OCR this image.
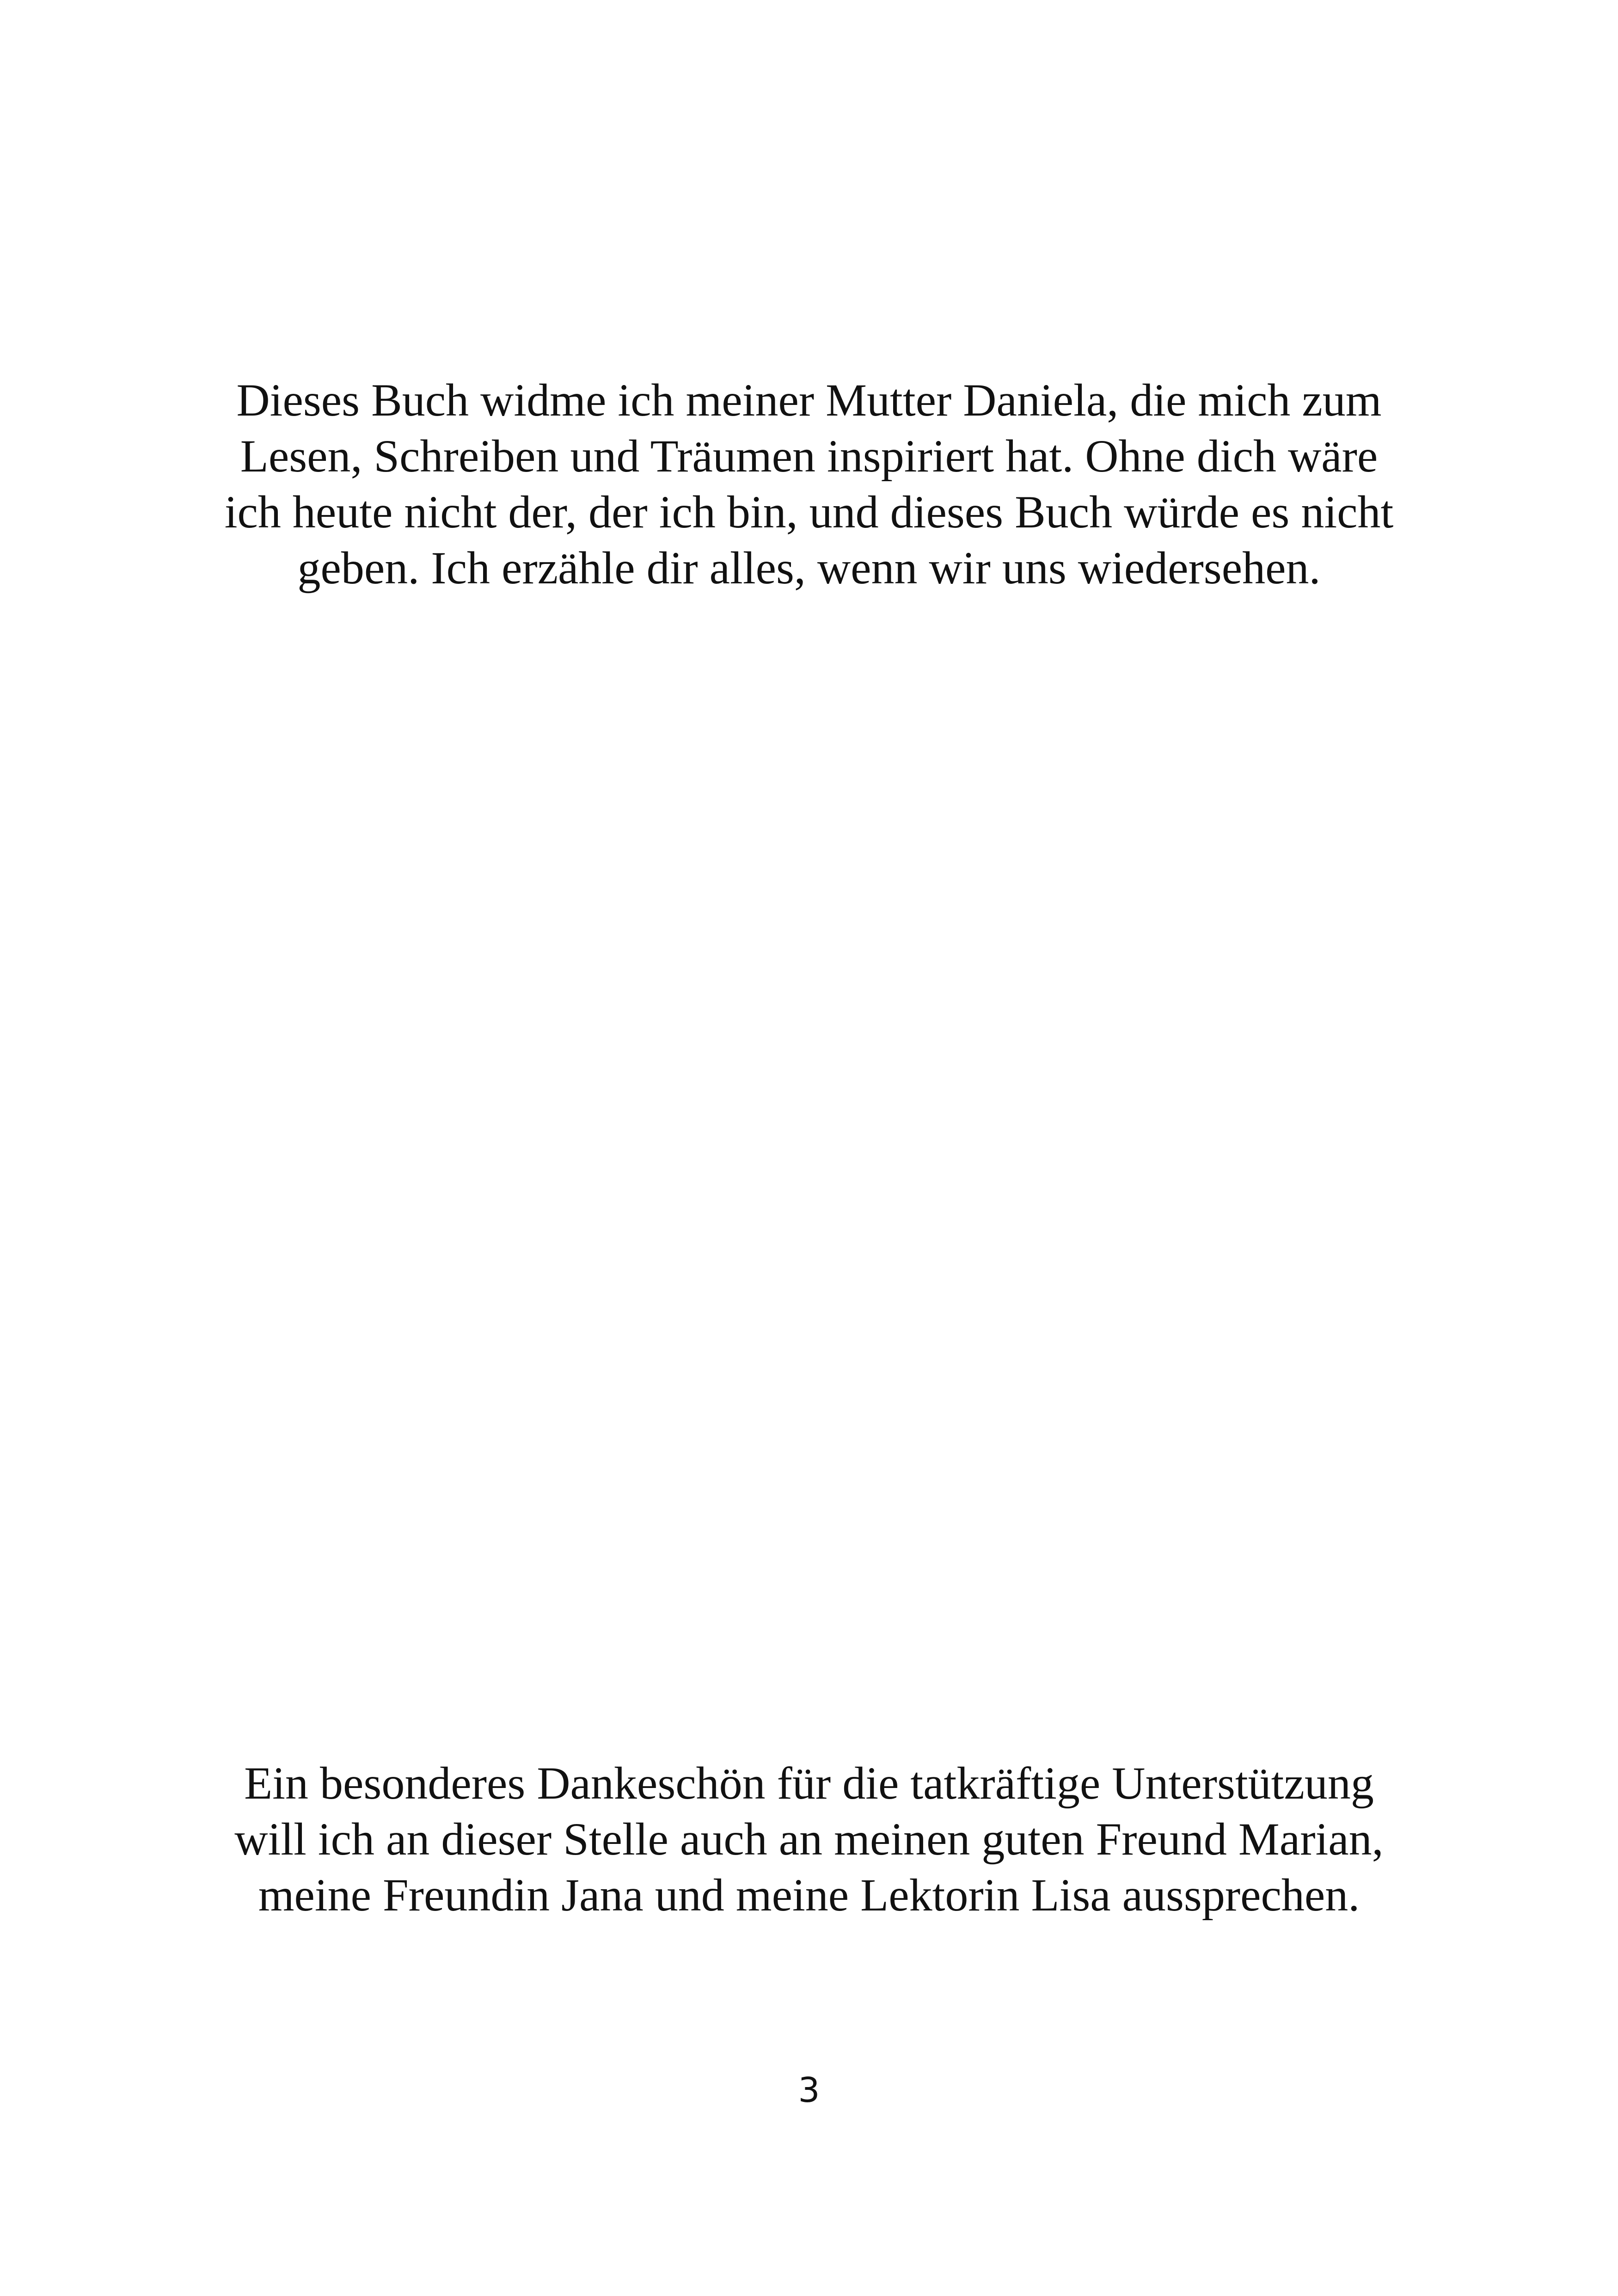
Dieses Buch widme ich meiner Mutter Daniela, die mich zum
Lesen, Schreiben und Träumen inspiriert hat. Ohne dich wäre
ich heute nicht der, der ich bin, und dieses Buch würde es nicht
geben. Ich erzähle dir alles, wenn wir uns wiedersehen.
Ein besonderes Dankeschön für die tatkräftige Unterstützung
will ich an dieser Stelle auch an meinen guten Freund Marian,
meine Freundin Jana und meine Lektorin Lisa aussprechen.
3
